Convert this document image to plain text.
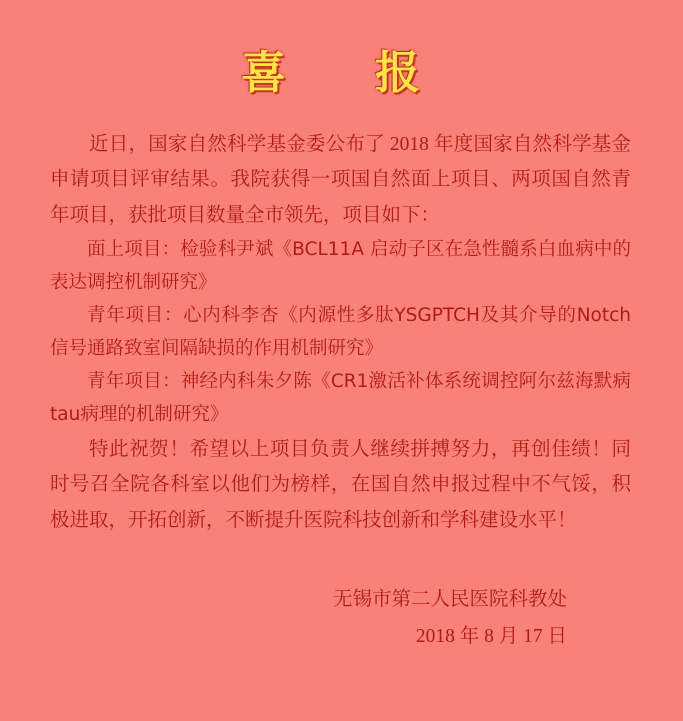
喜　报

近日，国家自然科学基金委公布了 2018 年度国家自然科学基金申请项目评审结果。我院获得一项国自然面上项目、两项国自然青年项目，获批项目数量全市领先，项目如下：

面上项目：检验科尹斌《BCL11A 启动子区在急性髓系白血病中的表达调控机制研究》

青年项目：心内科李杏《内源性多肽YSGPTCH及其介导的Notch信号通路致室间隔缺损的作用机制研究》

青年项目：神经内科朱夕陈《CR1激活补体系统调控阿尔兹海默病tau病理的机制研究》

特此祝贺！希望以上项目负责人继续拼搏努力，再创佳绩！同时号召全院各科室以他们为榜样，在国自然申报过程中不气馁，积极进取，开拓创新，不断提升医院科技创新和学科建设水平！

无锡市第二人民医院科教处
2018 年 8 月 17 日
